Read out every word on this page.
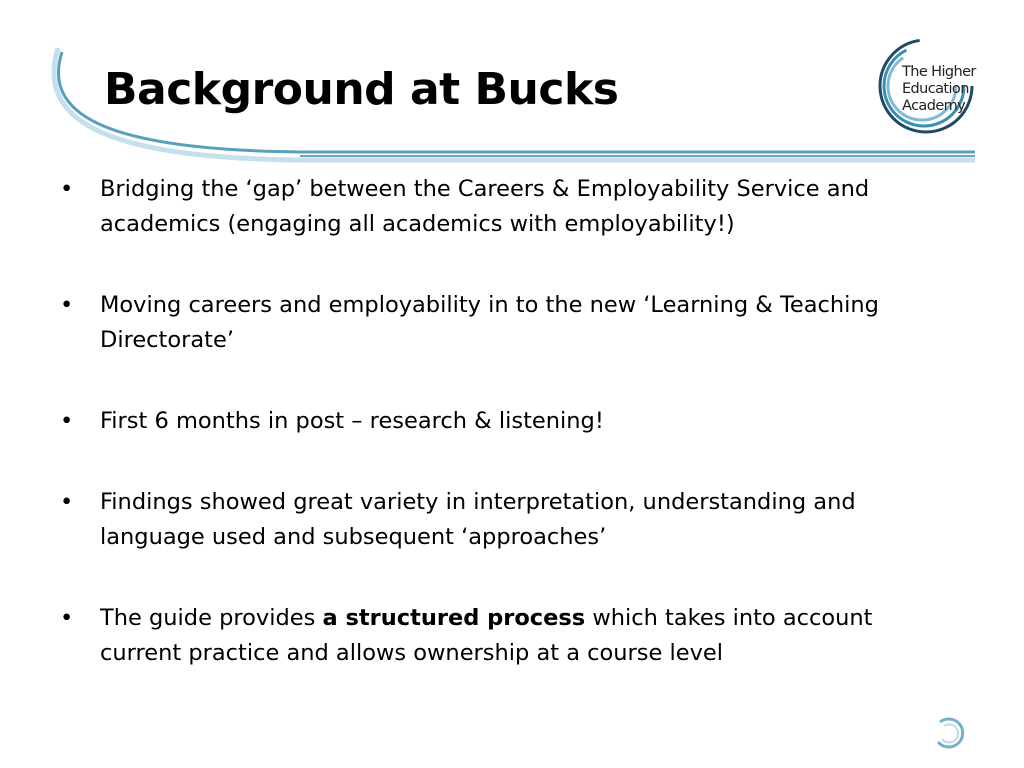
Background at Bucks	The Higher
Education
Academy
• Bridging the ‘gap’ between the Careers & Employability Service and academics (engaging all academics with employability!)
• Moving careers and employability in to the new ‘Learning & Teaching Directorate’
• First 6 months in post – research & listening!
• Findings showed great variety in interpretation, understanding and language used and subsequent ‘approaches’
• The guide provides a structured process which takes into account current practice and allows ownership at a course level
